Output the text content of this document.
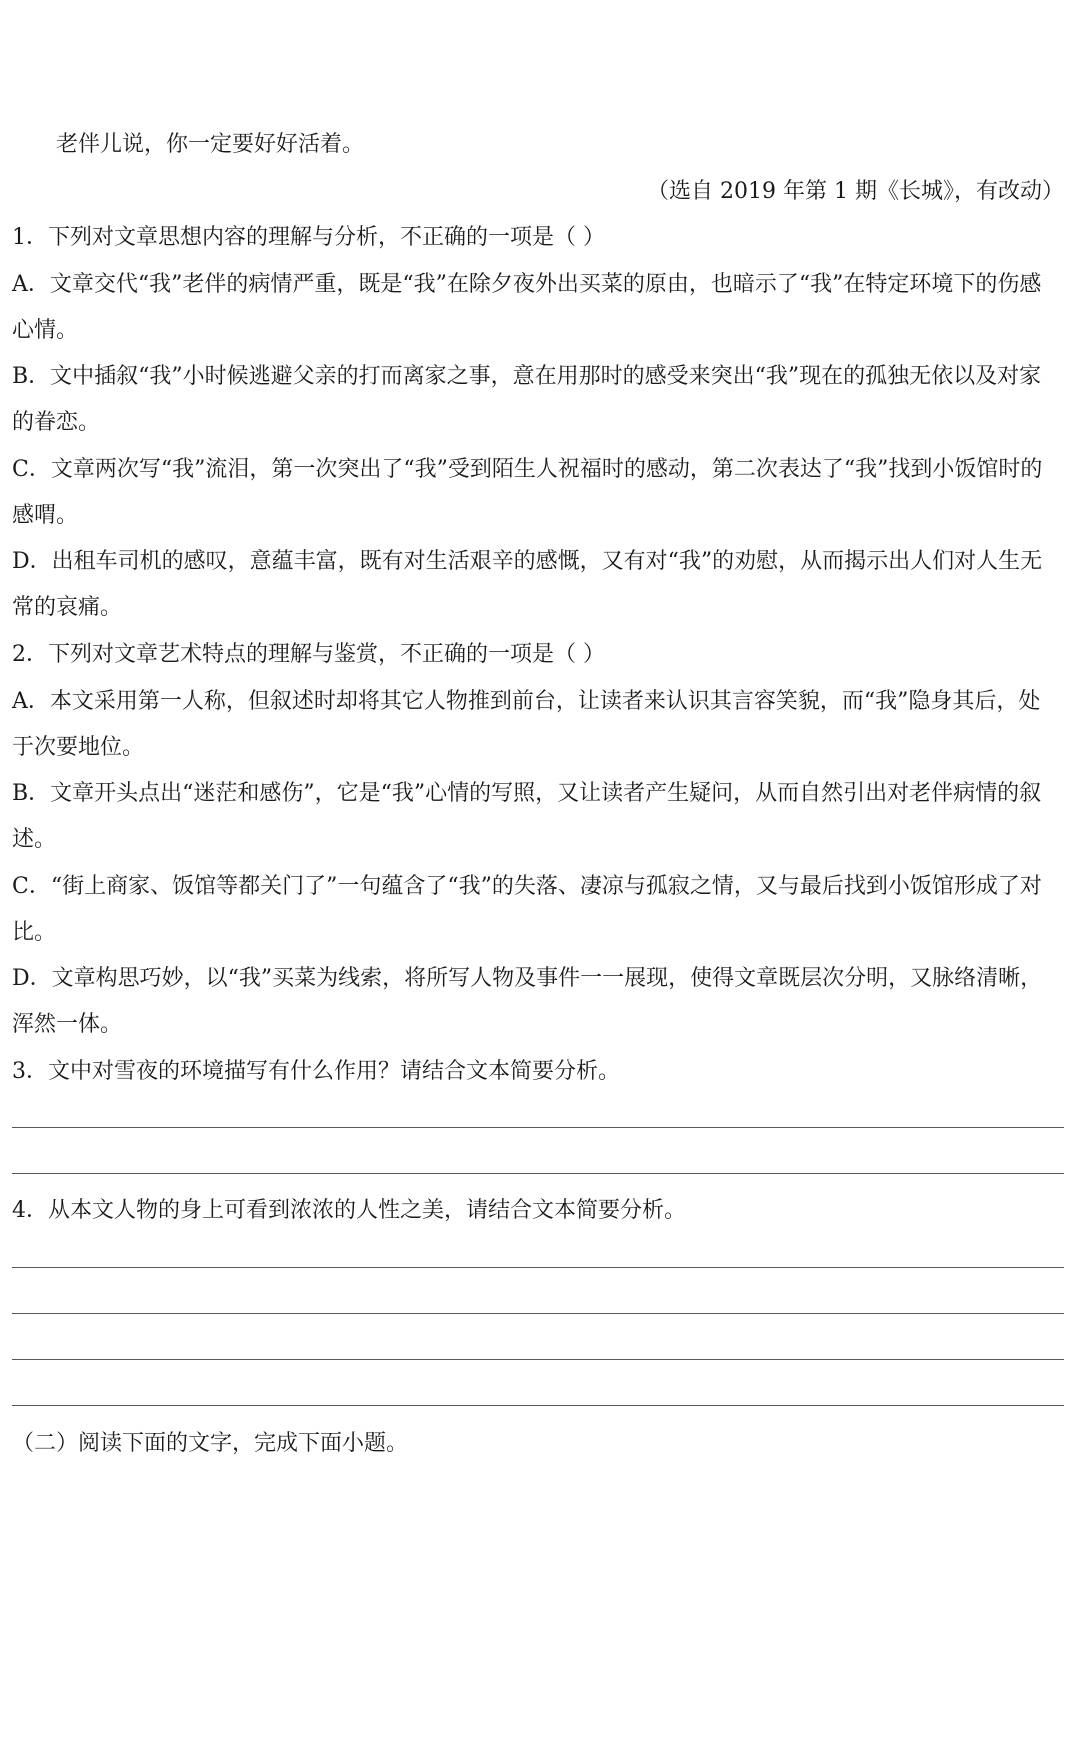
老伴儿说，你一定要好好活着。
（选自 2019 年第 1 期《长城》，有改动）
1．下列对文章思想内容的理解与分析，不正确的一项是（ ）
A．文章交代“我”老伴的病情严重，既是“我”在除夕夜外出买菜的原由，也暗示了“我”在特定环境下的伤感
心情。
B．文中插叙“我”小时候逃避父亲的打而离家之事，意在用那时的感受来突出“我”现在的孤独无依以及对家
的眷恋。
C．文章两次写“我”流泪，第一次突出了“我”受到陌生人祝福时的感动，第二次表达了“我”找到小饭馆时的
感喟。
D．出租车司机的感叹，意蕴丰富，既有对生活艰辛的感慨，又有对“我”的劝慰，从而揭示出人们对人生无
常的哀痛。
2．下列对文章艺术特点的理解与鉴赏，不正确的一项是（ ）
A．本文采用第一人称，但叙述时却将其它人物推到前台，让读者来认识其言容笑貌，而“我”隐身其后，处
于次要地位。
B．文章开头点出“迷茫和感伤”，它是“我”心情的写照，又让读者产生疑问，从而自然引出对老伴病情的叙
述。
C．“街上商家、饭馆等都关门了”一句蕴含了“我”的失落、凄凉与孤寂之情，又与最后找到小饭馆形成了对
比。
D．文章构思巧妙，以“我”买菜为线索，将所写人物及事件一一展现，使得文章既层次分明，又脉络清晰，
浑然一体。
3．文中对雪夜的环境描写有什么作用？请结合文本简要分析。
4．从本文人物的身上可看到浓浓的人性之美，请结合文本简要分析。
（二）阅读下面的文字，完成下面小题。
